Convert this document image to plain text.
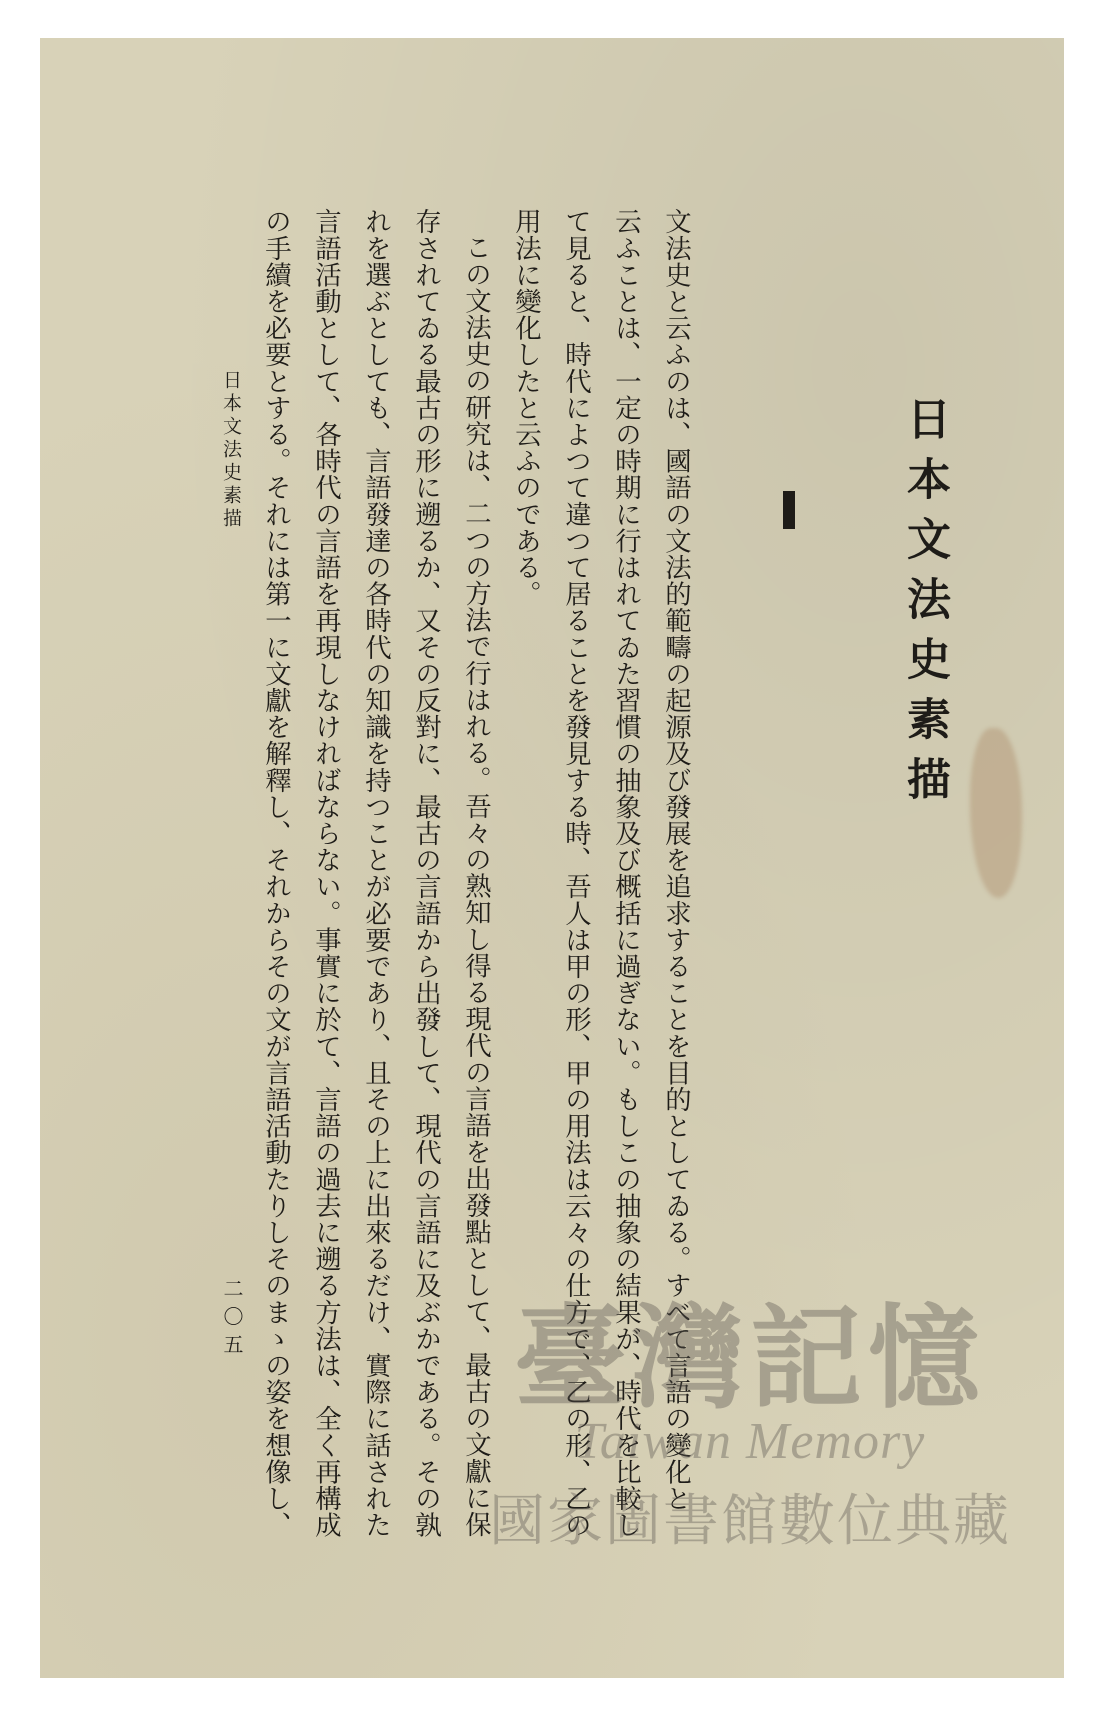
日本文法史素描
文法史と云ふのは、國語の文法的範疇の起源及び發展を追求することを目的としてゐる。すべて言語の變化と
云ふことは、一定の時期に行はれてゐた習慣の抽象及び概括に過ぎない。もしこの抽象の結果が、時代を比較し
て見ると、時代によつて違つて居ることを發見する時、吾人は甲の形、甲の用法は云々の仕方で、乙の形、乙の
用法に變化したと云ふのである。
この文法史の研究は、二つの方法で行はれる。吾々の熟知し得る現代の言語を出發點として、最古の文獻に保
存されてゐる最古の形に遡るか、又その反對に、最古の言語から出發して、現代の言語に及ぶかである。その孰
れを選ぶとしても、言語發達の各時代の知識を持つことが必要であり、且その上に出來るだけ、實際に話された
言語活動として、各時代の言語を再現しなければならない。事實に於て、言語の過去に遡る方法は、全く再構成
の手續を必要とする。それには第一に文獻を解釋し、それからその文が言語活動たりしそのまゝの姿を想像し、
日本文法史素描
二〇五	臺灣記憶
Taiwan Memory
國家圖書館數位典藏
